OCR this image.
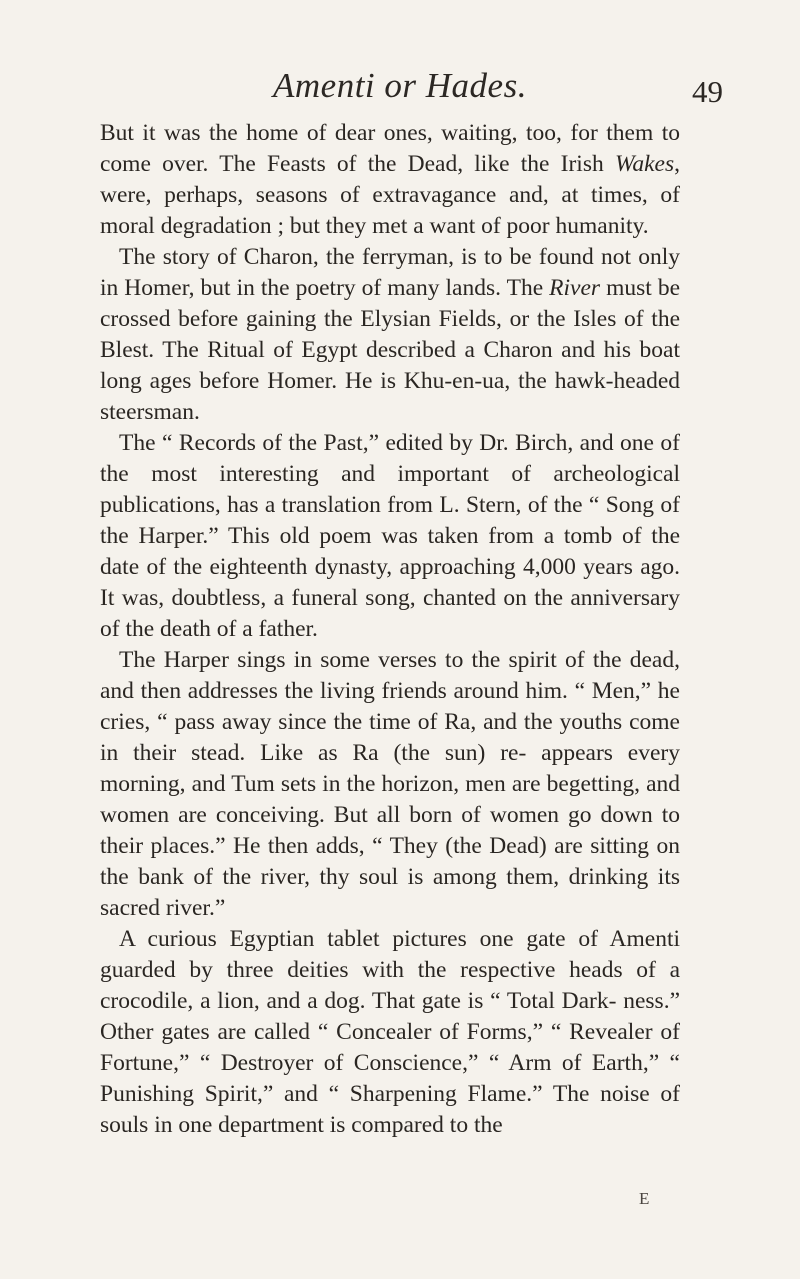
Amenti or Hades.	49

But it was the home of dear ones, waiting, too, for them to come over. The Feasts of the Dead, like the Irish Wakes, were, perhaps, seasons of extravagance and, at times, of moral degradation ; but they met a want of poor humanity.

The story of Charon, the ferryman, is to be found not only in Homer, but in the poetry of many lands. The River must be crossed before gaining the Elysian Fields, or the Isles of the Blest. The Ritual of Egypt described a Charon and his boat long ages before Homer. He is Khu-en-ua, the hawk-headed steersman.

The “ Records of the Past,” edited by Dr. Birch, and one of the most interesting and important of archeological publications, has a translation from L. Stern, of the “ Song of the Harper.” This old poem was taken from a tomb of the date of the eighteenth dynasty, approaching 4,000 years ago. It was, doubtless, a funeral song, chanted on the anniversary of the death of a father.

The Harper sings in some verses to the spirit of the dead, and then addresses the living friends around him. “ Men,” he cries, “ pass away since the time of Ra, and the youths come in their stead. Like as Ra (the sun) re- appears every morning, and Tum sets in the horizon, men are begetting, and women are conceiving. But all born of women go down to their places.” He then adds, “ They (the Dead) are sitting on the bank of the river, thy soul is among them, drinking its sacred river.”

A curious Egyptian tablet pictures one gate of Amenti guarded by three deities with the respective heads of a crocodile, a lion, and a dog. That gate is “ Total Dark- ness.” Other gates are called “ Concealer of Forms,” “ Revealer of Fortune,” “ Destroyer of Conscience,” “ Arm of Earth,” “ Punishing Spirit,” and “ Sharpening Flame.” The noise of souls in one department is compared to the

E
